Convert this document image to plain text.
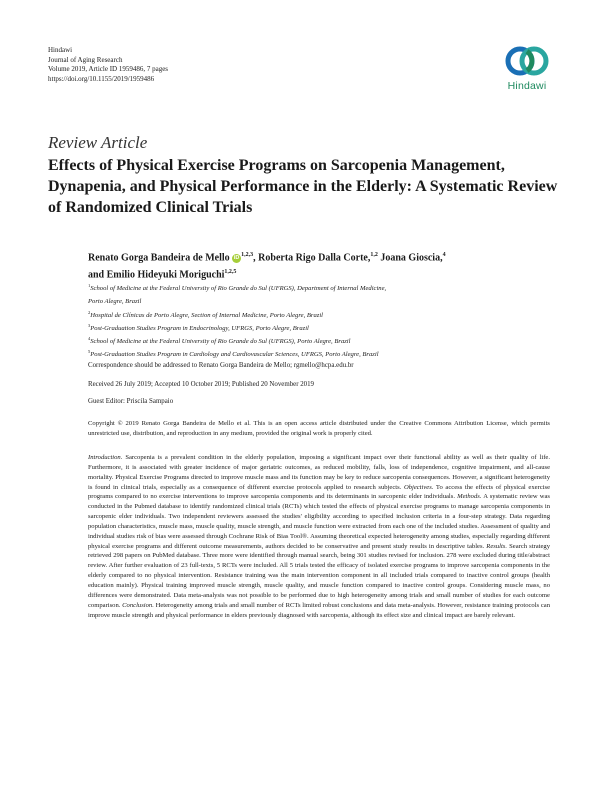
Hindawi
Journal of Aging Research
Volume 2019, Article ID 1959486, 7 pages
https://doi.org/10.1155/2019/1959486
Hindawi
Review Article
Effects of Physical Exercise Programs on Sarcopenia Management, Dynapenia, and Physical Performance in the Elderly: A Systematic Review of Randomized Clinical Trials
Renato Gorga Bandeira de Mello iD$^{1,2,3}$, Roberta Rigo Dalla Corte,$^{1,2}$ Joana Gioscia,$^4$
and Emilio Hideyuki Moriguchi$^{1,2,5}$
$^1$School of Medicine at the Federal University of Rio Grande do Sul (UFRGS), Department of Internal Medicine,
Porto Alegre, Brazil
$^2$Hospital de Clínicas de Porto Alegre, Section of Internal Medicine, Porto Alegre, Brazil
$^3$Post-Graduation Studies Program in Endocrinology, UFRGS, Porto Alegre, Brazil
$^4$School of Medicine at the Federal University of Rio Grande do Sul (UFRGS), Porto Alegre, Brazil
$^5$Post-Graduation Studies Program in Cardiology and Cardiovascular Sciences, UFRGS, Porto Alegre, Brazil
Correspondence should be addressed to Renato Gorga Bandeira de Mello; rgmello@hcpa.edu.br
Received 26 July 2019; Accepted 10 October 2019; Published 20 November 2019
Guest Editor: Priscila Sampaio
Copyright © 2019 Renato Gorga Bandeira de Mello et al. This is an open access article distributed under the Creative Commons Attribution License, which permits unrestricted use, distribution, and reproduction in any medium, provided the original work is properly cited.
Introduction. Sarcopenia is a prevalent condition in the elderly population, imposing a significant impact over their functional ability as well as their quality of life. Furthermore, it is associated with greater incidence of major geriatric outcomes, as reduced mobility, falls, loss of independence, cognitive impairment, and all-cause mortality. Physical Exercise Programs directed to improve muscle mass and its function may be key to reduce sarcopenia consequences. However, a significant heterogeneity is found in clinical trials, especially as a consequence of different exercise protocols applied to research subjects. Objectives. To access the effects of physical exercise programs compared to no exercise interventions to improve sarcopenia components and its determinants in sarcopenic elder individuals. Methods. A systematic review was conducted in the Pubmed database to identify randomized clinical trials (RCTs) which tested the effects of physical exercise programs to manage sarcopenia components in sarcopenic elder individuals. Two independent reviewers assessed the studies' eligibility according to specified inclusion criteria in a four-step strategy. Data regarding population characteristics, muscle mass, muscle quality, muscle strength, and muscle function were extracted from each one of the included studies. Assessment of quality and individual studies risk of bias were assessed through Cochrane Risk of Bias Tool®. Assuming theoretical expected heterogeneity among studies, especially regarding different physical exercise programs and different outcome measurements, authors decided to be conservative and present study results in descriptive tables. Results. Search strategy retrieved 298 papers on PubMed database. Three more were identified through manual search, being 301 studies revised for inclusion. 278 were excluded during title/abstract review. After further evaluation of 23 full-texts, 5 RCTs were included. All 5 trials tested the efficacy of isolated exercise programs to improve sarcopenia components in the elderly compared to no physical intervention. Resistance training was the main intervention component in all included trials compared to inactive control groups (health education mainly). Physical training improved muscle strength, muscle quality, and muscle function compared to inactive control groups. Considering muscle mass, no differences were demonstrated. Data meta-analysis was not possible to be performed due to high heterogeneity among trials and small number of studies for each outcome comparison. Conclusion. Heterogeneity among trials and small number of RCTs limited robust conclusions and data meta-analysis. However, resistance training protocols can improve muscle strength and physical performance in elders previously diagnosed with sarcopenia, although its effect size and clinical impact are barely relevant.
